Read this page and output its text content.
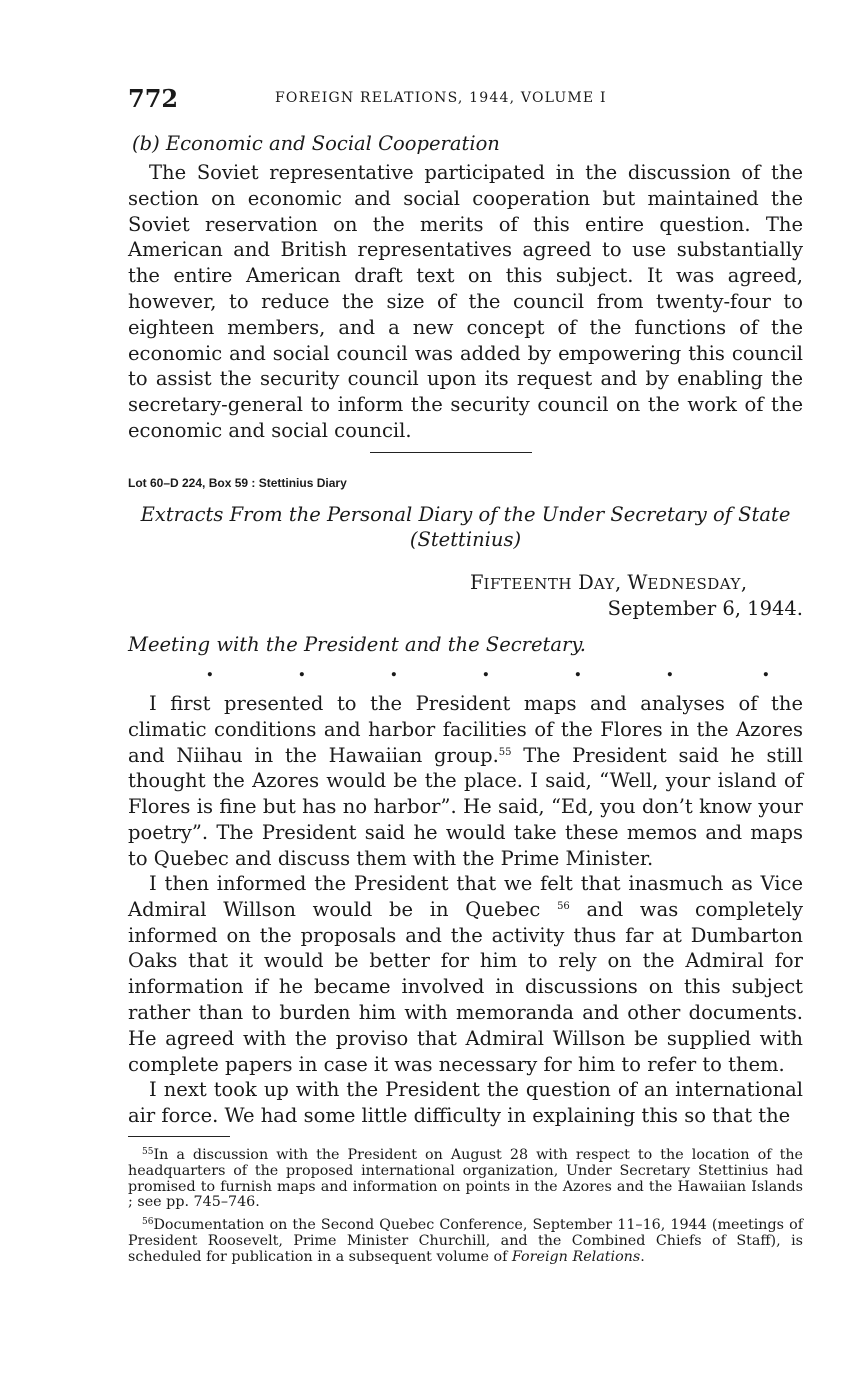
772	FOREIGN RELATIONS, 1944, VOLUME I
(b) Economic and Social Cooperation

The Soviet representative participated in the discussion of the section on economic and social cooperation but maintained the Soviet reservation on the merits of this entire question. The American and British representatives agreed to use substantially the entire American draft text on this subject. It was agreed, however, to reduce the size of the council from twenty-four to eighteen members, and a new concept of the functions of the economic and social council was added by empowering this council to assist the security council upon its request and by enabling the secretary-general to inform the security council on the work of the economic and social council.

Lot 60–D 224, Box 59 : Stettinius Diary
Extracts From the Personal Diary of the Under Secretary of State
(Stettinius)
FIFTEENTH DAY, WEDNESDAY,
September 6, 1944.
Meeting with the President and the Secretary.
.	.	.	.	.	.	.

I first presented to the President maps and analyses of the climatic conditions and harbor facilities of the Flores in the Azores and Niihau in the Hawaiian group.$^{55}$ The President said he still thought the Azores would be the place. I said, “Well, your island of Flores is fine but has no harbor”. He said, “Ed, you don’t know your poetry”. The President said he would take these memos and maps to Quebec and discuss them with the Prime Minister.

I then informed the President that we felt that inasmuch as Vice Admiral Willson would be in Quebec $^{56}$ and was completely informed on the proposals and the activity thus far at Dumbarton Oaks that it would be better for him to rely on the Admiral for information if he became involved in discussions on this subject rather than to burden him with memoranda and other documents. He agreed with the proviso that Admiral Willson be supplied with complete papers in case it was necessary for him to refer to them.

I next took up with the President the question of an international air force. We had some little difficulty in explaining this so that the

$^{55}$In a discussion with the President on August 28 with respect to the location of the headquarters of the proposed international organization, Under Secretary Stettinius had promised to furnish maps and information on points in the Azores and the Hawaiian Islands ; see pp. 745–746.

$^{56}$Documentation on the Second Quebec Conference, September 11–16, 1944 (meetings of President Roosevelt, Prime Minister Churchill, and the Combined Chiefs of Staff), is scheduled for publication in a subsequent volume of Foreign Relations.
